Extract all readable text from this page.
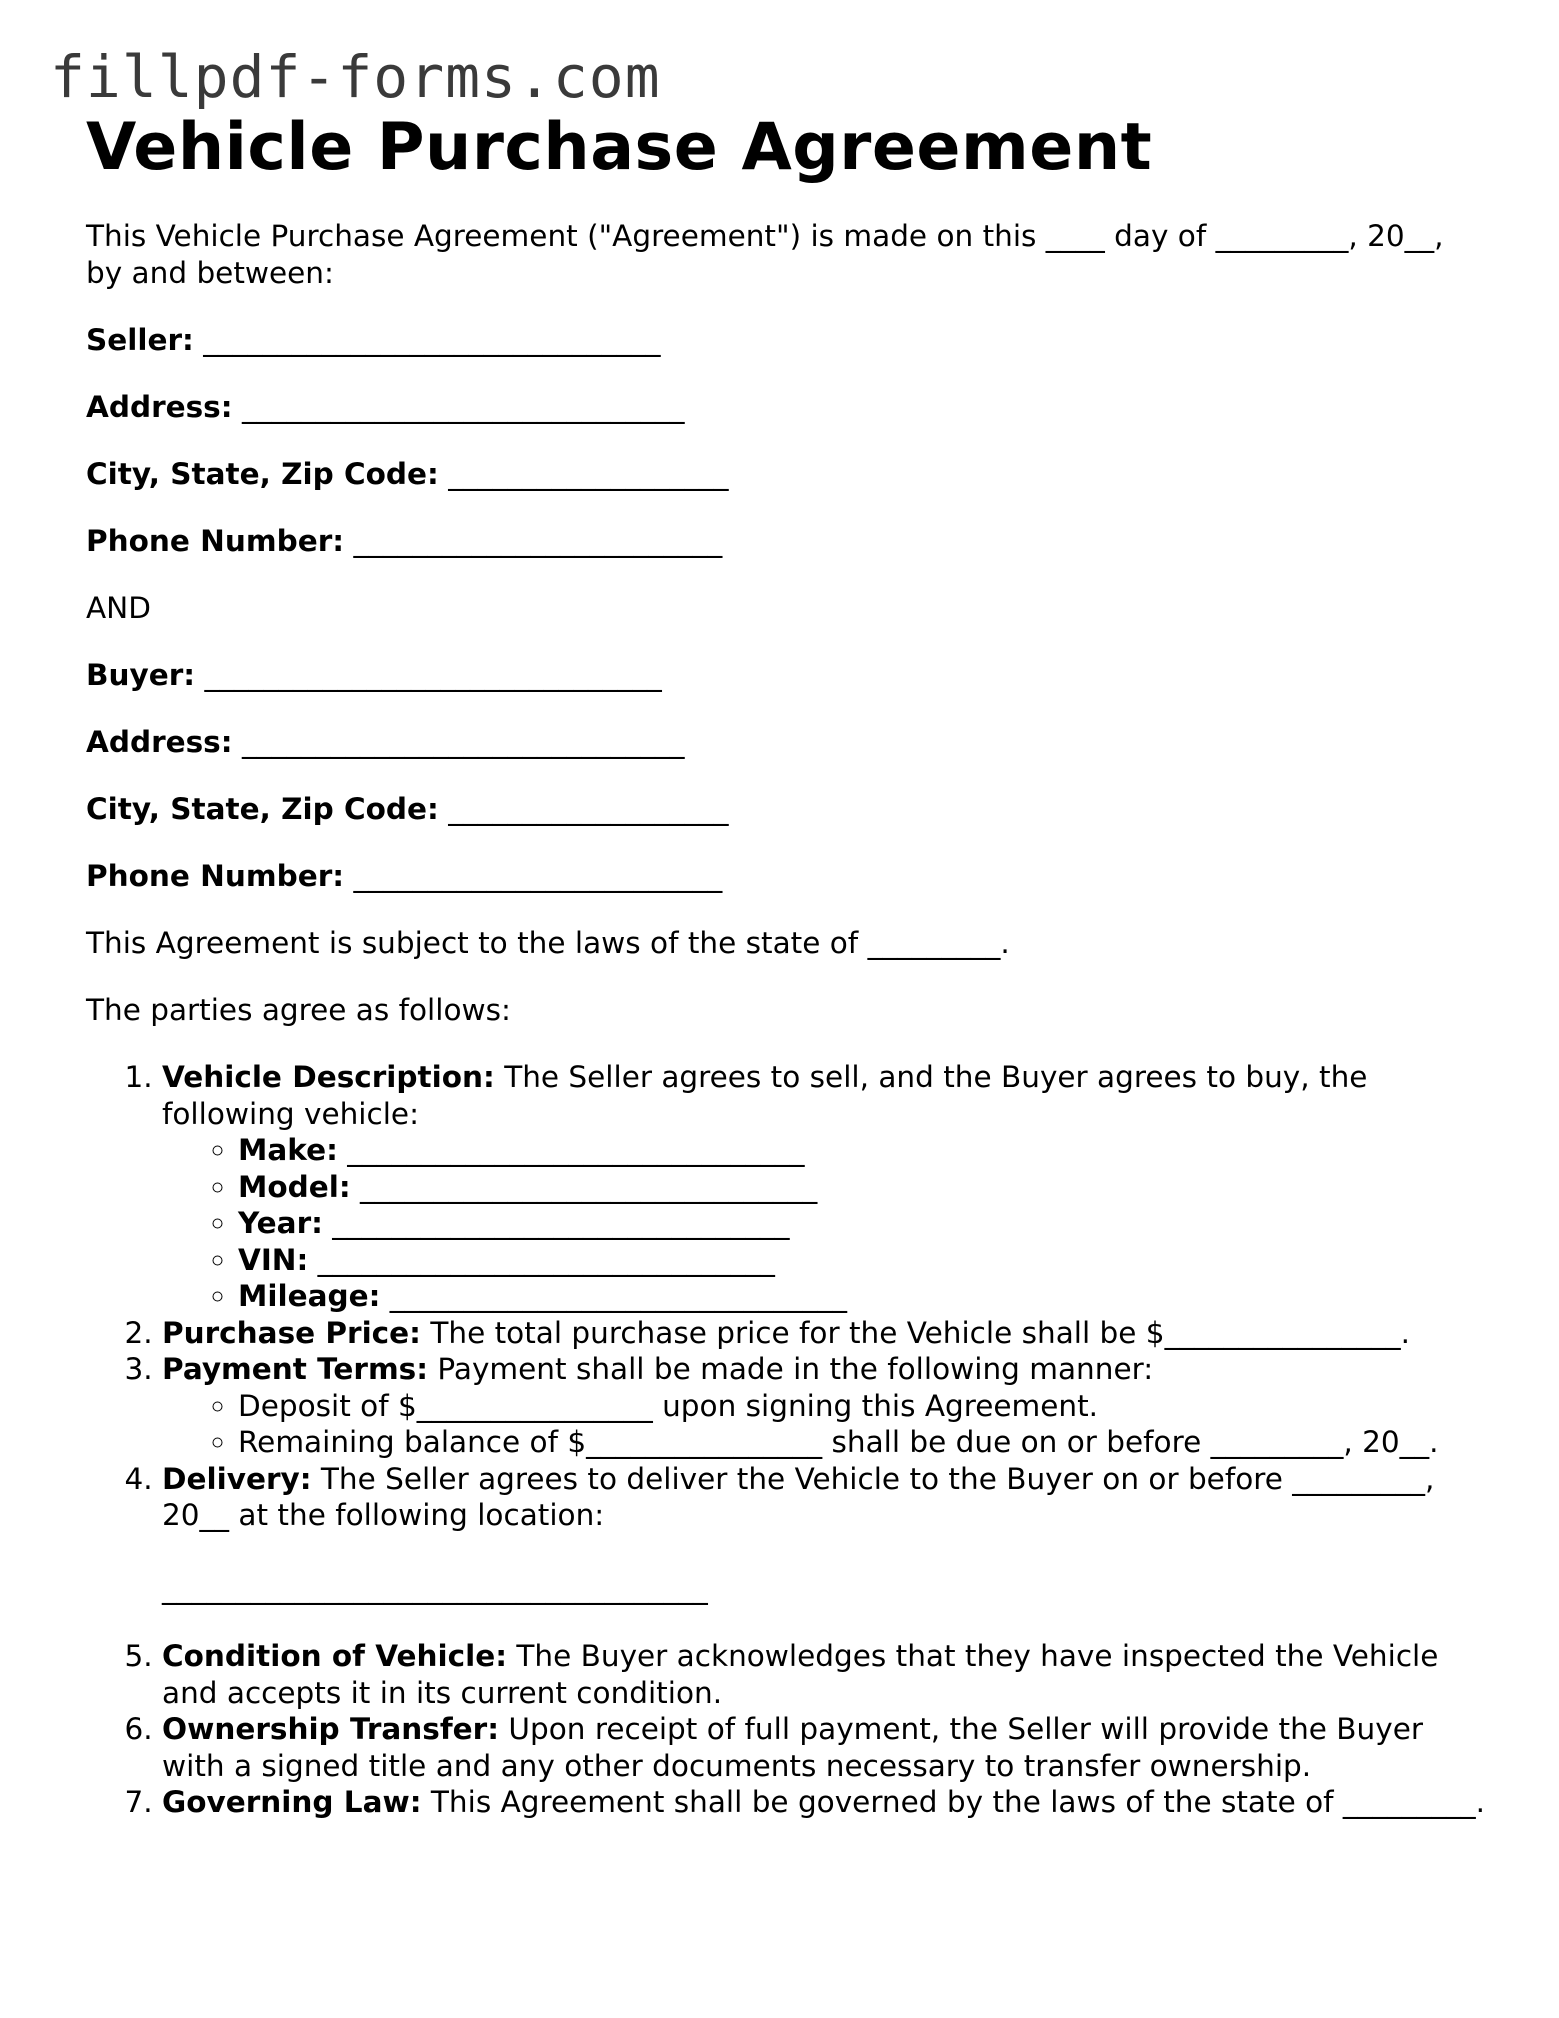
fillpdf-forms.com
Vehicle Purchase Agreement

This Vehicle Purchase Agreement ("Agreement") is made on this ____ day of _________, 20__, by and between:

Seller: _______________________________

Address: ______________________________

City, State, Zip Code: ___________________

Phone Number: _________________________

AND

Buyer: _______________________________

Address: ______________________________

City, State, Zip Code: ___________________

Phone Number: _________________________

This Agreement is subject to the laws of the state of _________.

The parties agree as follows:

1. Vehicle Description: The Seller agrees to sell, and the Buyer agrees to buy, the following vehicle:
◦ Make: _______________________________
◦ Model: _______________________________
◦ Year: _______________________________
◦ VIN: _______________________________
◦ Mileage: _______________________________
2. Purchase Price: The total purchase price for the Vehicle shall be $________________.
3. Payment Terms: Payment shall be made in the following manner:
◦ Deposit of $________________ upon signing this Agreement.
◦ Remaining balance of $________________ shall be due on or before _________, 20__.
4. Delivery: The Seller agrees to deliver the Vehicle to the Buyer on or before _________, 20__ at the following location:
_____________________________________
5. Condition of Vehicle: The Buyer acknowledges that they have inspected the Vehicle and accepts it in its current condition.
6. Ownership Transfer: Upon receipt of full payment, the Seller will provide the Buyer with a signed title and any other documents necessary to transfer ownership.
7. Governing Law: This Agreement shall be governed by the laws of the state of _________.
